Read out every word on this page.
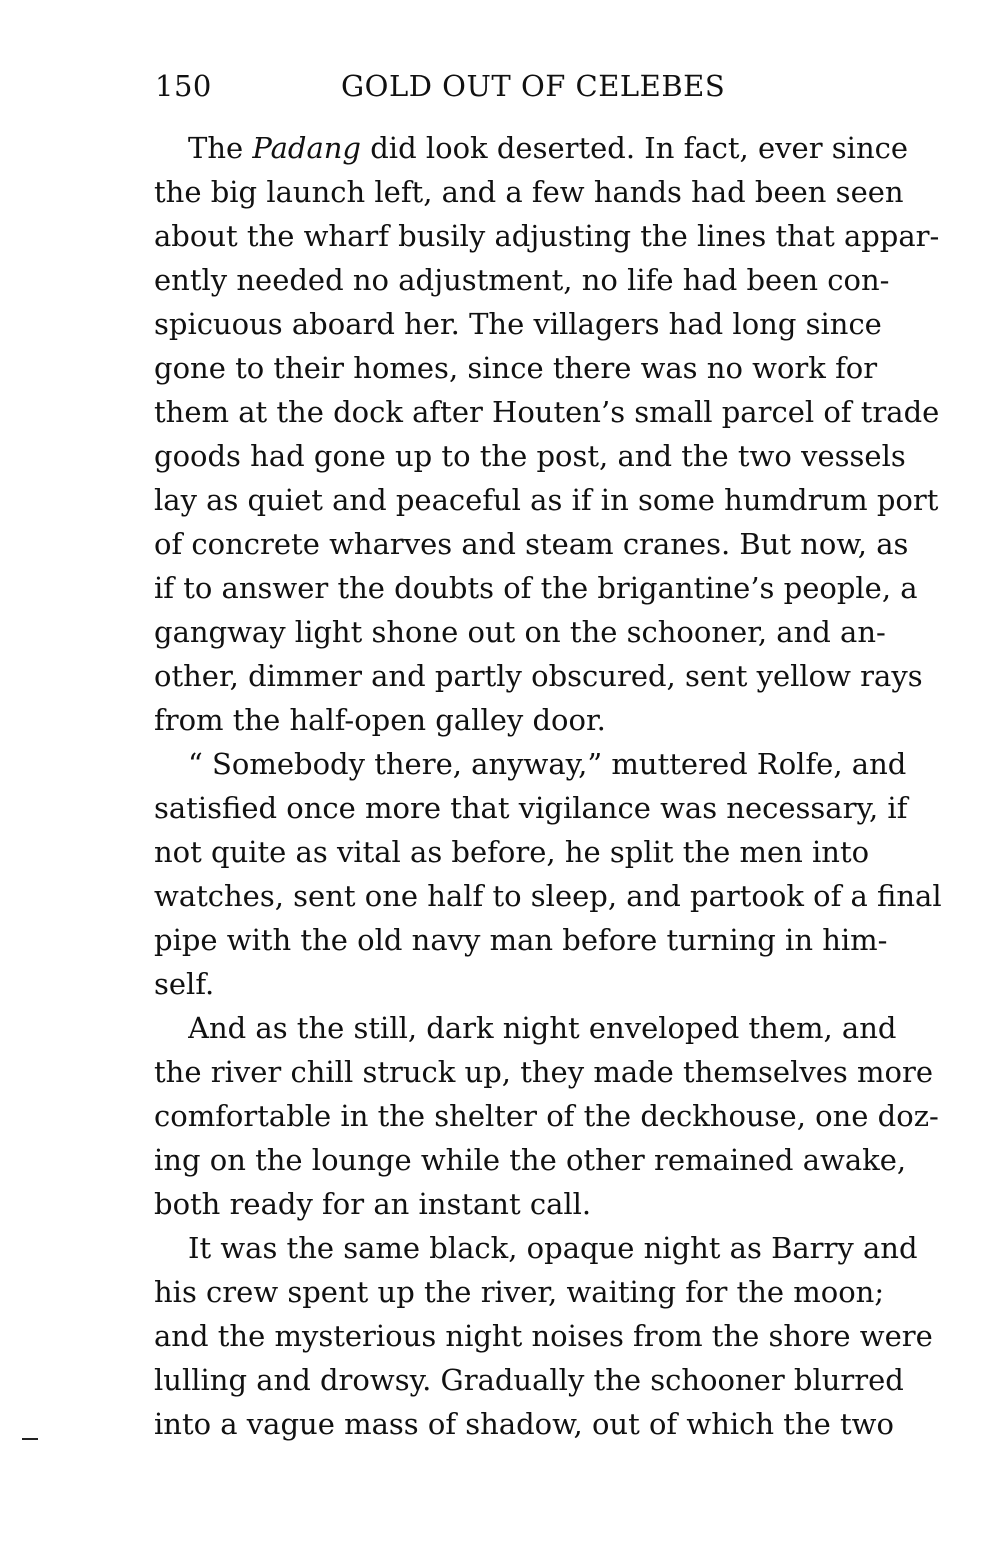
150	GOLD OUT OF CELEBES
The Padang did look deserted. In fact, ever since
the big launch left, and a few hands had been seen
about the wharf busily adjusting the lines that appar-
ently needed no adjustment, no life had been con-
spicuous aboard her. The villagers had long since
gone to their homes, since there was no work for
them at the dock after Houten’s small parcel of trade
goods had gone up to the post, and the two vessels
lay as quiet and peaceful as if in some humdrum port
of concrete wharves and steam cranes. But now, as
if to answer the doubts of the brigantine’s people, a
gangway light shone out on the schooner, and an-
other, dimmer and partly obscured, sent yellow rays
from the half-open galley door.
“ Somebody there, anyway,” muttered Rolfe, and
satisfied once more that vigilance was necessary, if
not quite as vital as before, he split the men into
watches, sent one half to sleep, and partook of a final
pipe with the old navy man before turning in him-
self.
And as the still, dark night enveloped them, and
the river chill struck up, they made themselves more
comfortable in the shelter of the deckhouse, one doz-
ing on the lounge while the other remained awake,
both ready for an instant call.
It was the same black, opaque night as Barry and
his crew spent up the river, waiting for the moon;
and the mysterious night noises from the shore were
lulling and drowsy. Gradually the schooner blurred
into a vague mass of shadow, out of which the two
